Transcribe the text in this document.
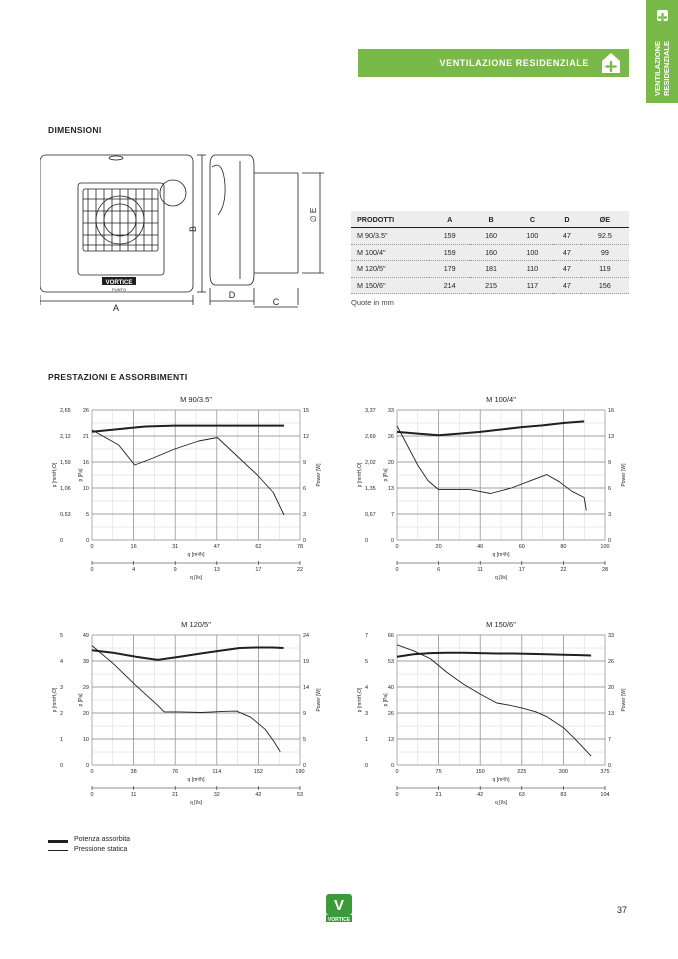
VENTILAZIONE RESIDENZIALE
VENTILAZIONE RESIDENZIALE
DIMENSIONI
VORTICE
PUNTO
A
B
D
C
∅ E	PRODOTTI	A	B	C	D	ØE
M 90/3.5"	159	160	100	47	92.5
M 100/4"	159	160	100	47	99
M 120/5"	179	181	110	47	119
M 150/6"	214	215	117	47	156
Quote in mm
PRESTAZIONI E ASSORBIMENTI
M 90/3.5"
0	16	31	47	62	78
q [m³/h]
0	4	9	13	17	22
q [l/s]
0
5
10
16
21
26
0
0,53
1,06
1,59
2,12
2,65
0
3
6
9
12
15
p [mmH₂O]	p [Pa]	Power [W]
M 100/4"
0	20	40	60	80	100
q [m³/h]
0	6	11	17	22	28
q [l/s]
0
7
13
20
26
33
0
0,67
1,35
2,02
2,69
3,37
0
3
6
9
13
16
p [mmH₂O]	p [Pa]	Power [W]
M 120/5"
0	38	76	114	152	190
q [m³/h]
0	11	21	32	42	53
q [l/s]
0
10
20
29
39
49
0
1
2
3
4
5
0
5
9
14
19
24
p [mmH₂O]	p [Pa]	Power [W]
M 150/6"
0	75	150	225	300	375
q [m³/h]
0	21	42	63	83	104
q [l/s]
0
13
26
40
53
66
0
1
3
4
5
7
0
7
13
20
26
33
p [mmH₂O]	p [Pa]	Power [W]
Potenza assorbita
Pressione statica
V
VORTICE
37
